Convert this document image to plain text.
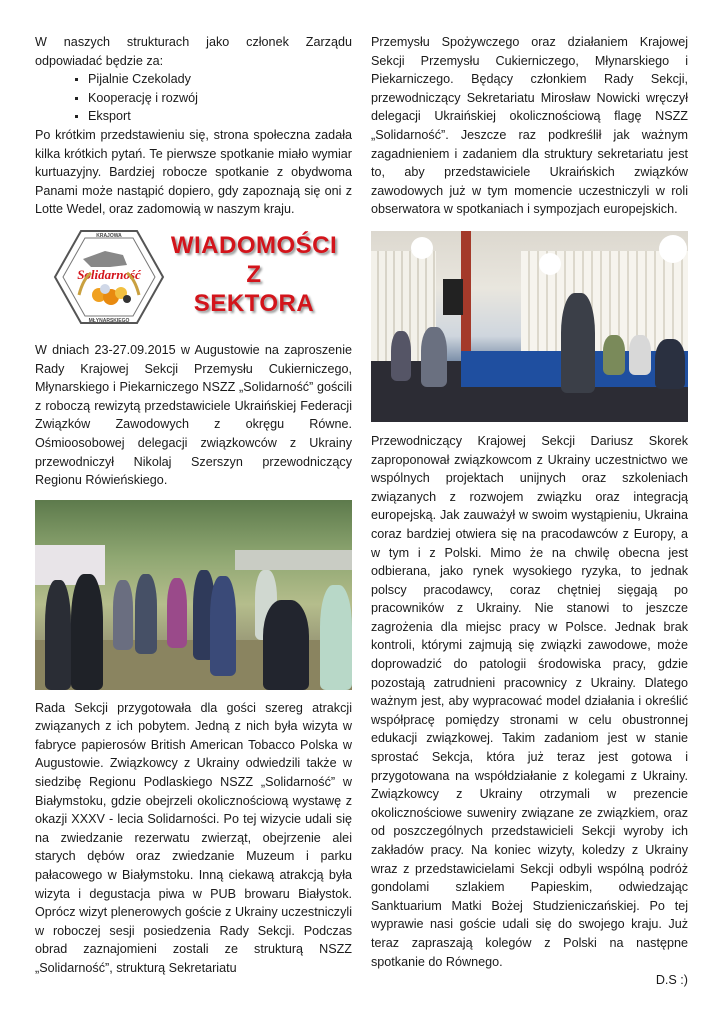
W naszych strukturach jako członek Zarządu odpowiadać będzie za:

Pijalnie Czekolady
Kooperację i rozwój
Eksport

Po krótkim przedstawieniu się, strona społeczna zadała kilka krótkich pytań. Te pierwsze spotkanie miało wymiar kurtuazyjny. Bardziej robocze spotkanie z obydwoma Panami może nastąpić dopiero, gdy zapoznają się oni z Lotte Wedel, oraz zadomowią w naszym kraju.

KRAJOWA
MŁYNARSKIEGO
Solidarność
WIADOMOŚCI
Z
SEKTORA

W dniach 23-27.09.2015 w Augustowie na zaproszenie Rady Krajowej Sekcji Przemysłu Cukierniczego, Młynarskiego i Piekarniczego NSZZ „Solidarność” gościli z roboczą rewizytą przedstawiciele Ukraińskiej Federacji Związków Zawodowych z okręgu Równe. Ośmioosobowej delegacji związkowców z Ukrainy przewodniczył Nikolaj Szerszyn przewodniczący Regionu Rówieńskiego.

Rada Sekcji przygotowała dla gości szereg atrakcji związanych z ich pobytem. Jedną z nich była wizyta w fabryce papierosów British American Tobacco Polska w Augustowie. Związkowcy z Ukrainy odwiedzili także w siedzibę Regionu Podlaskiego NSZZ „Solidarność” w Białymstoku, gdzie obejrzeli okolicznościową wystawę z okazji XXXV - lecia Solidarności. Po tej wizycie udali się na zwiedzanie rezerwatu zwierząt, obejrzenie alei starych dębów oraz zwiedzanie Muzeum i parku pałacowego w Białymstoku. Inną ciekawą atrakcją była wizyta i degustacja piwa w PUB browaru Białystok. Oprócz wizyt plenerowych goście z Ukrainy uczestniczyli w roboczej sesji posiedzenia Rady Sekcji. Podczas obrad zaznajomieni zostali ze strukturą NSZZ „Solidarność”, strukturą Sekretariatu

Przemysłu Spożywczego oraz działaniem Krajowej Sekcji Przemysłu Cukierniczego, Młynarskiego i Piekarniczego. Będący członkiem Rady Sekcji, przewodniczący Sekretariatu Mirosław Nowicki wręczył delegacji Ukraińskiej okolicznościową flagę NSZZ „Solidarność”. Jeszcze raz podkreślił jak ważnym zagadnieniem i zadaniem dla struktury sekretariatu jest to, aby przedstawiciele Ukraińskich związków zawodowych już w tym momencie uczestniczyli w roli obserwatora w spotkaniach i sympozjach europejskich.

Przewodniczący Krajowej Sekcji Dariusz Skorek zaproponował związkowcom z Ukrainy uczestnictwo we wspólnych projektach unijnych oraz szkoleniach związanych z rozwojem związku oraz integracją europejską. Jak zauważył w swoim wystąpieniu, Ukraina coraz bardziej otwiera się na pracodawców z Europy, a w tym i z Polski. Mimo że na chwilę obecna jest odbierana, jako rynek wysokiego ryzyka, to jednak polscy pracodawcy, coraz chętniej sięgają po pracowników z Ukrainy. Nie stanowi to jeszcze zagrożenia dla miejsc pracy w Polsce. Jednak brak kontroli, którymi zajmują się związki zawodowe, może doprowadzić do patologii środowiska pracy, gdzie pozostają zatrudnieni pracownicy z Ukrainy. Dlatego ważnym jest, aby wypracować model działania i określić współpracę pomiędzy stronami w celu obustronnej edukacji związkowej. Takim zadaniom jest w stanie sprostać Sekcja, która już teraz jest gotowa i przygotowana na współdziałanie z kolegami z Ukrainy. Związkowcy z Ukrainy otrzymali w prezencie okolicznościowe suweniry związane ze związkiem, oraz od poszczególnych przedstawicieli Sekcji wyroby ich zakładów pracy. Na koniec wizyty, koledzy z Ukrainy wraz z przedstawicielami Sekcji odbyli wspólną podróż gondolami szlakiem Papieskim, odwiedzając Sanktuarium Matki Bożej Studzieniczańskiej. Po tej wyprawie nasi goście udali się do swojego kraju. Już teraz zapraszają kolegów z Polski na następne spotkanie do Równego.

D.S :)
